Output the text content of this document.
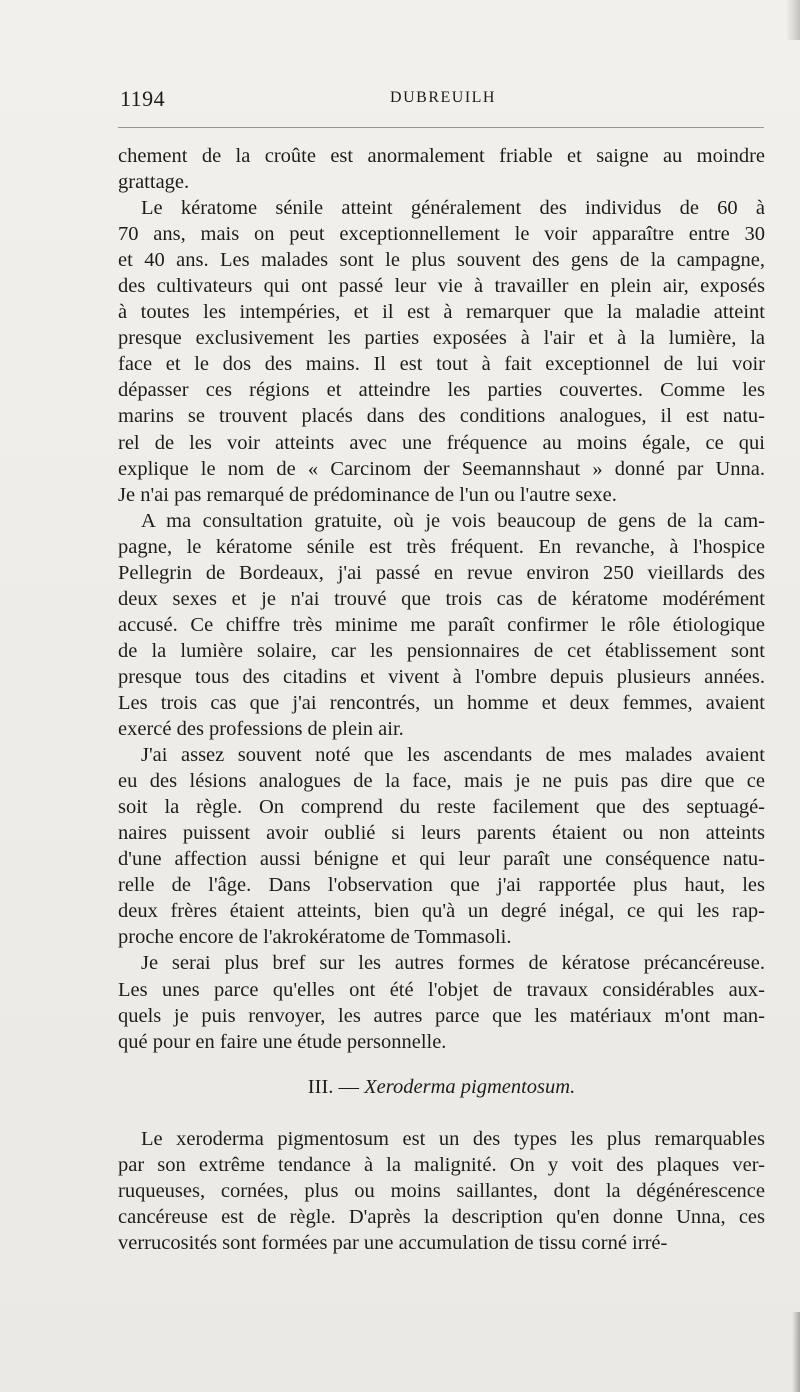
1194	DUBREUILH
chement de la croûte est anormalement friable et saigne au moindre
grattage.
Le kératome sénile atteint généralement des individus de 60 à
70 ans, mais on peut exceptionnellement le voir apparaître entre 30
et 40 ans. Les malades sont le plus souvent des gens de la campagne,
des cultivateurs qui ont passé leur vie à travailler en plein air, exposés
à toutes les intempéries, et il est à remarquer que la maladie atteint
presque exclusivement les parties exposées à l'air et à la lumière, la
face et le dos des mains. Il est tout à fait exceptionnel de lui voir
dépasser ces régions et atteindre les parties couvertes. Comme les
marins se trouvent placés dans des conditions analogues, il est natu-
rel de les voir atteints avec une fréquence au moins égale, ce qui
explique le nom de « Carcinom der Seemannshaut » donné par Unna.
Je n'ai pas remarqué de prédominance de l'un ou l'autre sexe.
A ma consultation gratuite, où je vois beaucoup de gens de la cam-
pagne, le kératome sénile est très fréquent. En revanche, à l'hospice
Pellegrin de Bordeaux, j'ai passé en revue environ 250 vieillards des
deux sexes et je n'ai trouvé que trois cas de kératome modérément
accusé. Ce chiffre très minime me paraît confirmer le rôle étiologique
de la lumière solaire, car les pensionnaires de cet établissement sont
presque tous des citadins et vivent à l'ombre depuis plusieurs années.
Les trois cas que j'ai rencontrés, un homme et deux femmes, avaient
exercé des professions de plein air.
J'ai assez souvent noté que les ascendants de mes malades avaient
eu des lésions analogues de la face, mais je ne puis pas dire que ce
soit la règle. On comprend du reste facilement que des septuagé-
naires puissent avoir oublié si leurs parents étaient ou non atteints
d'une affection aussi bénigne et qui leur paraît une conséquence natu-
relle de l'âge. Dans l'observation que j'ai rapportée plus haut, les
deux frères étaient atteints, bien qu'à un degré inégal, ce qui les rap-
proche encore de l'akrokératome de Tommasoli.
Je serai plus bref sur les autres formes de kératose précancéreuse.
Les unes parce qu'elles ont été l'objet de travaux considérables aux-
quels je puis renvoyer, les autres parce que les matériaux m'ont man-
qué pour en faire une étude personnelle.
III. — Xeroderma pigmentosum.
Le xeroderma pigmentosum est un des types les plus remarquables
par son extrême tendance à la malignité. On y voit des plaques ver-
ruqueuses, cornées, plus ou moins saillantes, dont la dégénérescence
cancéreuse est de règle. D'après la description qu'en donne Unna, ces
verrucosités sont formées par une accumulation de tissu corné irré-
